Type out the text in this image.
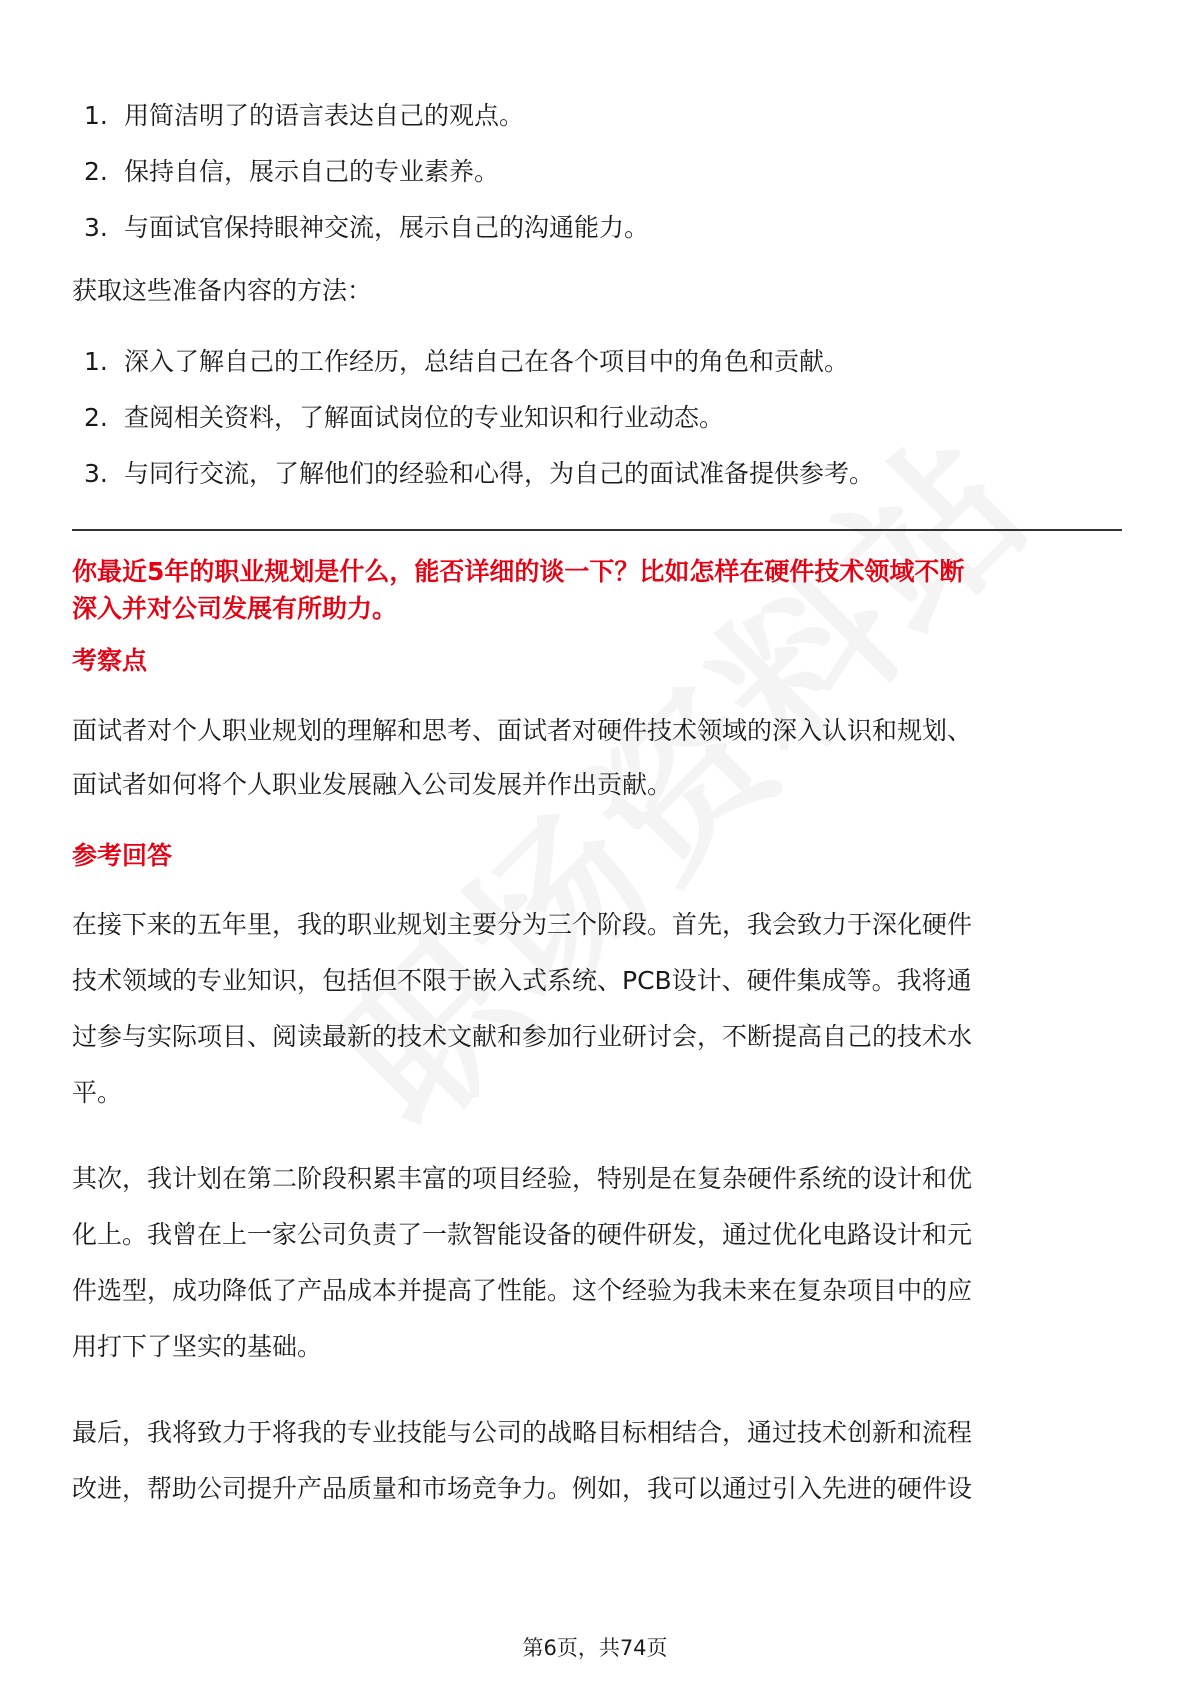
1. 用简洁明了的语言表达自己的观点。
2. 保持自信，展示自己的专业素养。
3. 与面试官保持眼神交流，展示自己的沟通能力。
获取这些准备内容的方法：
1. 深入了解自己的工作经历，总结自己在各个项目中的角色和贡献。
2. 查阅相关资料，了解面试岗位的专业知识和行业动态。
3. 与同行交流，了解他们的经验和心得，为自己的面试准备提供参考。
你最近5年的职业规划是什么，能否详细的谈一下？比如怎样在硬件技术领域不断
深入并对公司发展有所助力。
考察点

面试者对个人职业规划的理解和思考、面试者对硬件技术领域的深入认识和规划、

面试者如何将个人职业发展融入公司发展并作出贡献。

参考回答

在接下来的五年里，我的职业规划主要分为三个阶段。首先，我会致力于深化硬件

技术领域的专业知识，包括但不限于嵌入式系统、PCB设计、硬件集成等。我将通

过参与实际项目、阅读最新的技术文献和参加行业研讨会，不断提高自己的技术水

平。

其次，我计划在第二阶段积累丰富的项目经验，特别是在复杂硬件系统的设计和优

化上。我曾在上一家公司负责了一款智能设备的硬件研发，通过优化电路设计和元

件选型，成功降低了产品成本并提高了性能。这个经验为我未来在复杂项目中的应

用打下了坚实的基础。

最后，我将致力于将我的专业技能与公司的战略目标相结合，通过技术创新和流程

改进，帮助公司提升产品质量和市场竞争力。例如，我可以通过引入先进的硬件设

第6页，共74页
